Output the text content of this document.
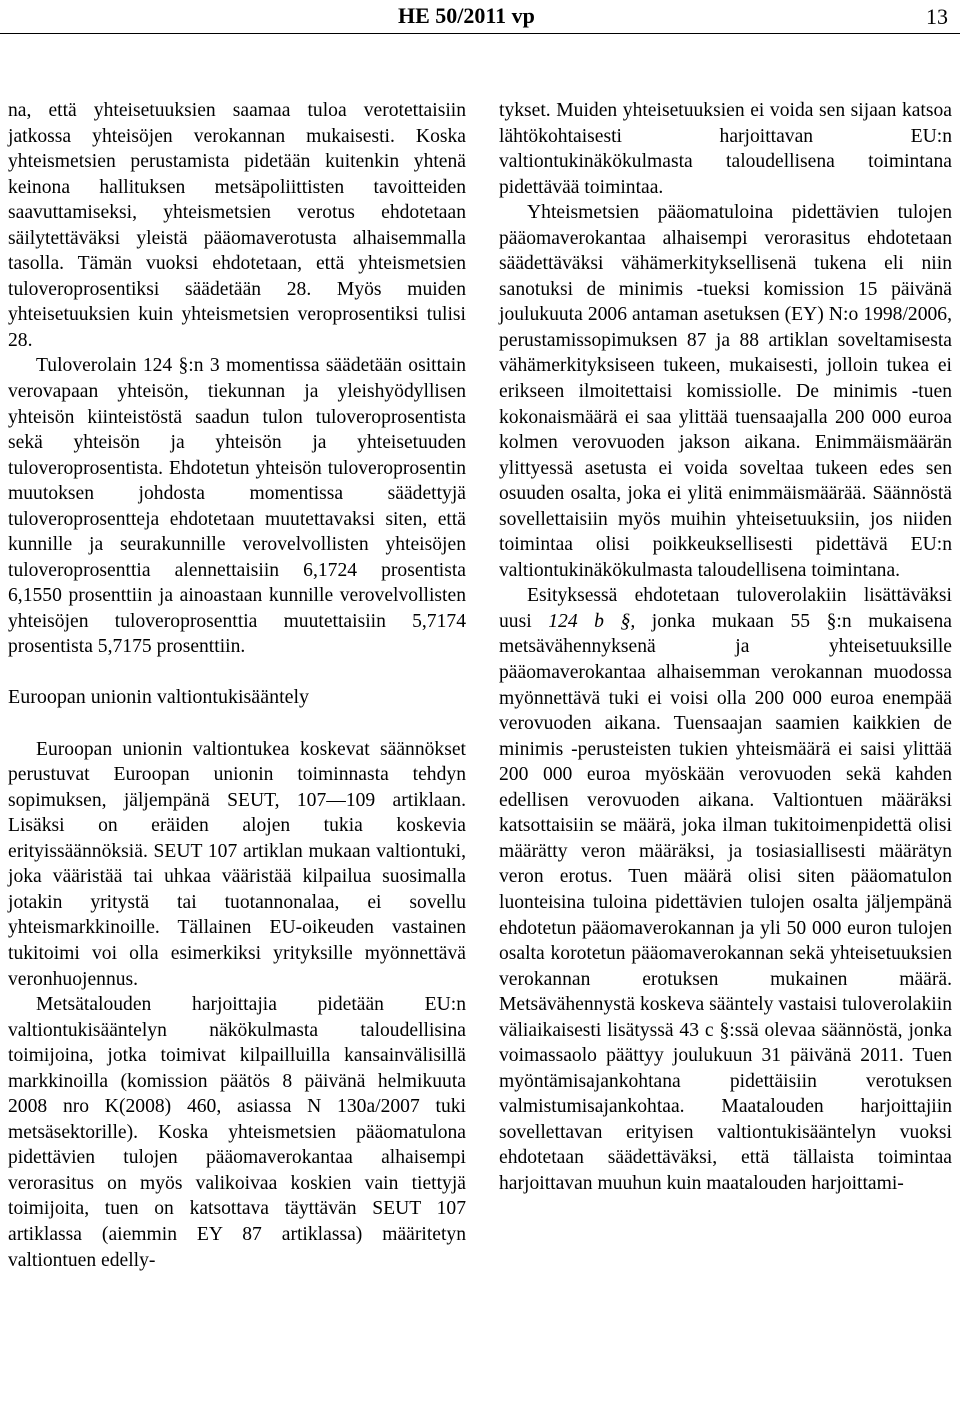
HE 50/2011 vp	13

na, että yhteisetuuksien saamaa tuloa verotettaisiin jatkossa yhteisöjen verokannan mukaisesti. Koska yhteismetsien perustamista pidetään kuitenkin yhtenä keinona hallituksen metsäpoliittisten tavoitteiden saavuttamiseksi, yhteismetsien verotus ehdotetaan säilytettäväksi yleistä pääomaverotusta alhaisemmalla tasolla. Tämän vuoksi ehdotetaan, että yhteismetsien tuloveroprosentiksi säädetään 28. Myös muiden yhteisetuuksien kuin yhteismetsien veroprosentiksi tulisi 28.

Tuloverolain 124 §:n 3 momentissa säädetään osittain verovapaan yhteisön, tiekunnan ja yleishyödyllisen yhteisön kiinteistöstä saadun tulon tuloveroprosentista sekä yhteisön ja yhteisön ja yhteisetuuden tuloveroprosentista. Ehdotetun yhteisön tuloveroprosentin muutoksen johdosta momentissa säädettyjä tuloveroprosentteja ehdotetaan muutettavaksi siten, että kunnille ja seurakunnille verovelvollisten yhteisöjen tuloveroprosenttia alennettaisiin 6,1724 prosentista 6,1550 prosenttiin ja ainoastaan kunnille verovelvollisten yhteisöjen tuloveroprosenttia muutettaisiin 5,7174 prosentista 5,7175 prosenttiin.

Euroopan unionin valtiontukisääntely

Euroopan unionin valtiontukea koskevat säännökset perustuvat Euroopan unionin toiminnasta tehdyn sopimuksen, jäljempänä SEUT, 107—109 artiklaan. Lisäksi on eräiden alojen tukia koskevia erityissäännöksiä. SEUT 107 artiklan mukaan valtiontuki, joka vääristää tai uhkaa vääristää kilpailua suosimalla jotakin yritystä tai tuotannonalaa, ei sovellu yhteismarkkinoille. Tällainen EU-oikeuden vastainen tukitoimi voi olla esimerkiksi yrityksille myönnettävä veronhuojennus.

Metsätalouden harjoittajia pidetään EU:n valtiontukisääntelyn näkökulmasta taloudellisina toimijoina, jotka toimivat kilpailluilla kansainvälisillä markkinoilla (komission päätös 8 päivänä helmikuuta 2008 nro K(2008) 460, asiassa N 130a/2007 tuki metsäsektorille). Koska yhteismetsien pääomatulona pidettävien tulojen pääomaverokantaa alhaisempi verorasitus on myös valikoivaa koskien vain tiettyjä toimijoita, tuen on katsottava täyttävän SEUT 107 artiklassa (aiemmin EY 87 artiklassa) määritetyn valtiontuen edelly-

tykset. Muiden yhteisetuuksien ei voida sen sijaan katsoa lähtökohtaisesti harjoittavan EU:n valtiontukinäkökulmasta taloudellisena toimintana pidettävää toimintaa.

Yhteismetsien pääomatuloina pidettävien tulojen pääomaverokantaa alhaisempi verorasitus ehdotetaan säädettäväksi vähämerkityksellisenä tukena eli niin sanotuksi de minimis -tueksi komission 15 päivänä joulukuuta 2006 antaman asetuksen (EY) N:o 1998/2006, perustamissopimuksen 87 ja 88 artiklan soveltamisesta vähämerkityksiseen tukeen, mukaisesti, jolloin tukea ei erikseen ilmoitettaisi komissiolle. De minimis -tuen kokonaismäärä ei saa ylittää tuensaajalla 200 000 euroa kolmen verovuoden jakson aikana. Enimmäismäärän ylittyessä asetusta ei voida soveltaa tukeen edes sen osuuden osalta, joka ei ylitä enimmäismäärää. Säännöstä sovellettaisiin myös muihin yhteisetuuksiin, jos niiden toimintaa olisi poikkeuksellisesti pidettävä EU:n valtiontukinäkökulmasta taloudellisena toimintana.

Esityksessä ehdotetaan tuloverolakiin lisättäväksi uusi 124 b §, jonka mukaan 55 §:n mukaisena metsävähennyksenä ja yhteisetuuksille pääomaverokantaa alhaisemman verokannan muodossa myönnettävä tuki ei voisi olla 200 000 euroa enempää verovuoden aikana. Tuensaajan saamien kaikkien de minimis -perusteisten tukien yhteismäärä ei saisi ylittää 200 000 euroa myöskään verovuoden sekä kahden edellisen verovuoden aikana. Valtiontuen määräksi katsottaisiin se määrä, joka ilman tukitoimenpidettä olisi määrätty veron määräksi, ja tosiasiallisesti määrätyn veron erotus. Tuen määrä olisi siten pääomatulon luonteisina tuloina pidettävien tulojen osalta jäljempänä ehdotetun pääomaverokannan ja yli 50 000 euron tulojen osalta korotetun pääomaverokannan sekä yhteisetuuksien verokannan erotuksen mukainen määrä. Metsävähennystä koskeva sääntely vastaisi tuloverolakiin väliaikaisesti lisätyssä 43 c §:ssä olevaa säännöstä, jonka voimassaolo päättyy joulukuun 31 päivänä 2011. Tuen myöntämisajankohtana pidettäisiin verotuksen valmistumisajankohtaa. Maatalouden harjoittajiin sovellettavan erityisen valtiontukisääntelyn vuoksi ehdotetaan säädettäväksi, että tällaista toimintaa harjoittavan muuhun kuin maatalouden harjoittami-
